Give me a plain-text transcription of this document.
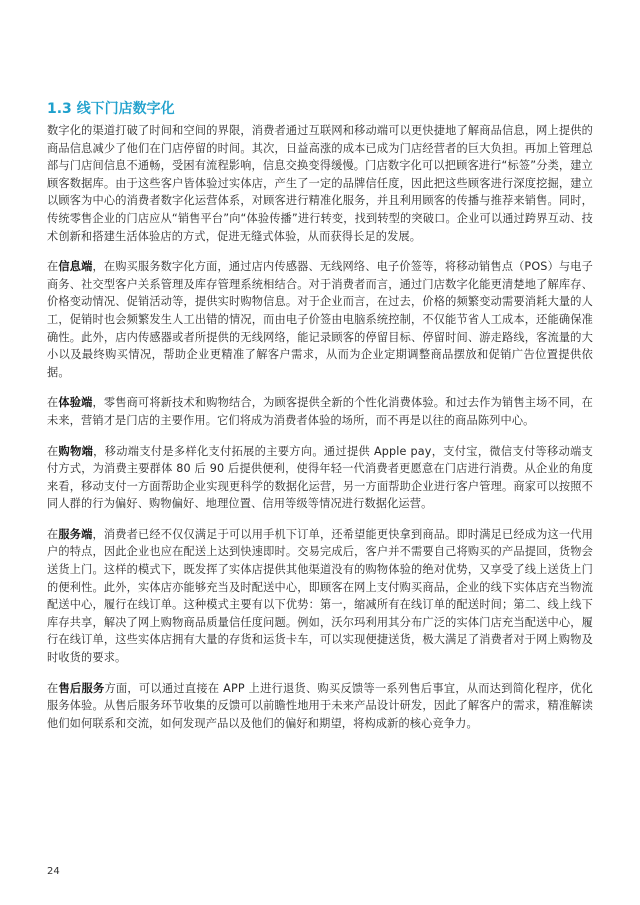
1.3 线下门店数字化

数字化的渠道打破了时间和空间的界限，消费者通过互联网和移动端可以更快捷地了解商品信息，网上提供的商品信息减少了他们在门店停留的时间。其次，日益高涨的成本已成为门店经营者的巨大负担。再加上管理总部与门店间信息不通畅，受困有流程影响，信息交换变得缓慢。门店数字化可以把顾客进行“标签”分类，建立顾客数据库。由于这些客户皆体验过实体店，产生了一定的品牌信任度，因此把这些顾客进行深度挖掘，建立以顾客为中心的消费者数字化运营体系，对顾客进行精准化服务，并且利用顾客的传播与推荐来销售。同时，传统零售企业的门店应从“销售平台”向“体验传播”进行转变，找到转型的突破口。企业可以通过跨界互动、技术创新和搭建生活体验店的方式，促进无缝式体验，从而获得长足的发展。

在信息端，在购买服务数字化方面，通过店内传感器、无线网络、电子价签等，将移动销售点（POS）与电子商务、社交型客户关系管理及库存管理系统相结合。对于消费者而言，通过门店数字化能更清楚地了解库存、价格变动情况、促销活动等，提供实时购物信息。对于企业而言，在过去，价格的频繁变动需要消耗大量的人工，促销时也会频繁发生人工出错的情况，而由电子价签由电脑系统控制，不仅能节省人工成本，还能确保准确性。此外，店内传感器或者所提供的无线网络，能记录顾客的停留目标、停留时间、游走路线，客流量的大小以及最终购买情况，帮助企业更精准了解客户需求，从而为企业定期调整商品摆放和促销广告位置提供依据。

在体验端，零售商可将新技术和购物结合，为顾客提供全新的个性化消费体验。和过去作为销售主场不同，在未来，营销才是门店的主要作用。它们将成为消费者体验的场所，而不再是以往的商品陈列中心。

在购物端，移动端支付是多样化支付拓展的主要方向。通过提供 Apple pay，支付宝，微信支付等移动端支付方式，为消费主要群体 80 后 90 后提供便利，使得年轻一代消费者更愿意在门店进行消费。从企业的角度来看，移动支付一方面帮助企业实现更科学的数据化运营，另一方面帮助企业进行客户管理。商家可以按照不同人群的行为偏好、购物偏好、地理位置、信用等级等情况进行数据化运营。

在服务端，消费者已经不仅仅满足于可以用手机下订单，还希望能更快拿到商品。即时满足已经成为这一代用户的特点，因此企业也应在配送上达到快速即时。交易完成后，客户并不需要自己将购买的产品提回，货物会送货上门。这样的模式下，既发挥了实体店提供其他渠道没有的购物体验的绝对优势，又享受了线上送货上门的便利性。此外，实体店亦能够充当及时配送中心，即顾客在网上支付购买商品，企业的线下实体店充当物流配送中心，履行在线订单。这种模式主要有以下优势：第一，缩减所有在线订单的配送时间；第二、线上线下库存共享，解决了网上购物商品质量信任度问题。例如，沃尔玛利用其分布广泛的实体门店充当配送中心，履行在线订单，这些实体店拥有大量的存货和运货卡车，可以实现便捷送货，极大满足了消费者对于网上购物及时收货的要求。

在售后服务方面，可以通过直接在 APP 上进行退货、购买反馈等一系列售后事宜，从而达到简化程序，优化服务体验。从售后服务环节收集的反馈可以前瞻性地用于未来产品设计研发，因此了解客户的需求，精准解读他们如何联系和交流，如何发现产品以及他们的偏好和期望，将构成新的核心竞争力。

24
